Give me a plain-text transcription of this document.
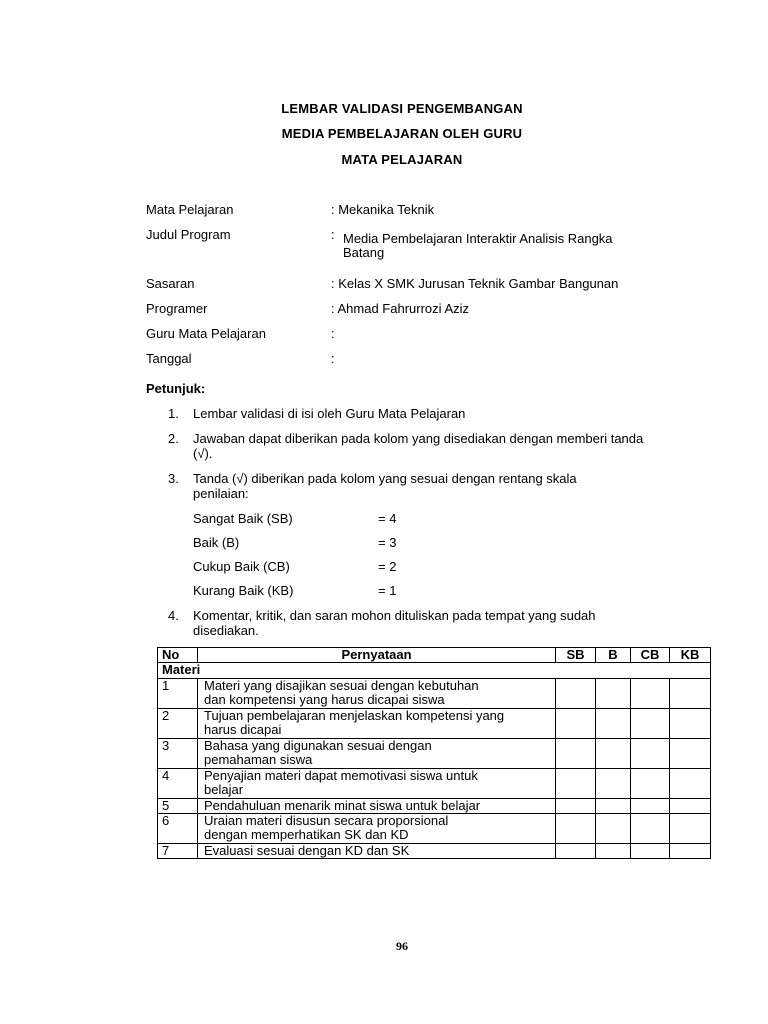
LEMBAR VALIDASI PENGEMBANGAN
MEDIA PEMBELAJARAN OLEH GURU
MATA PELAJARAN
Mata Pelajaran	: Mekanika Teknik
Judul Program	: Media Pembelajaran Interaktir Analisis Rangka
Batang
Sasaran	: Kelas X SMK Jurusan Teknik Gambar Bangunan
Programer	: Ahmad Fahrurrozi Aziz
Guru Mata Pelajaran	:
Tanggal	:
Petunjuk:
1. Lembar validasi di isi oleh Guru Mata Pelajaran
2. Jawaban dapat diberikan pada kolom yang disediakan dengan memberi tanda (√).
3. Tanda (√) diberikan pada kolom yang sesuai dengan rentang skala penilaian:
Sangat Baik (SB)	= 4
Baik (B)	= 3
Cukup Baik (CB)	= 2
Kurang Baik (KB)	= 1
4. Komentar, kritik, dan saran mohon dituliskan pada tempat yang sudah disediakan.
No	Pernyataan	SB	B	CB	KB
Materi					
1	Materi yang disajikan sesuai dengan kebutuhan
dan kompetensi yang harus dicapai siswa				

2	Tujuan pembelajaran menjelaskan kompetensi yang
harus dicapai				

3	Bahasa yang digunakan sesuai dengan
pemahaman siswa				

4	Penyajian materi dapat memotivasi siswa untuk
belajar				

5	Pendahuluan menarik minat siswa untuk belajar				

6	Uraian materi disusun secara proporsional
dengan memperhatikan SK dan KD				

7	Evaluasi sesuai dengan KD dan SK				

96
